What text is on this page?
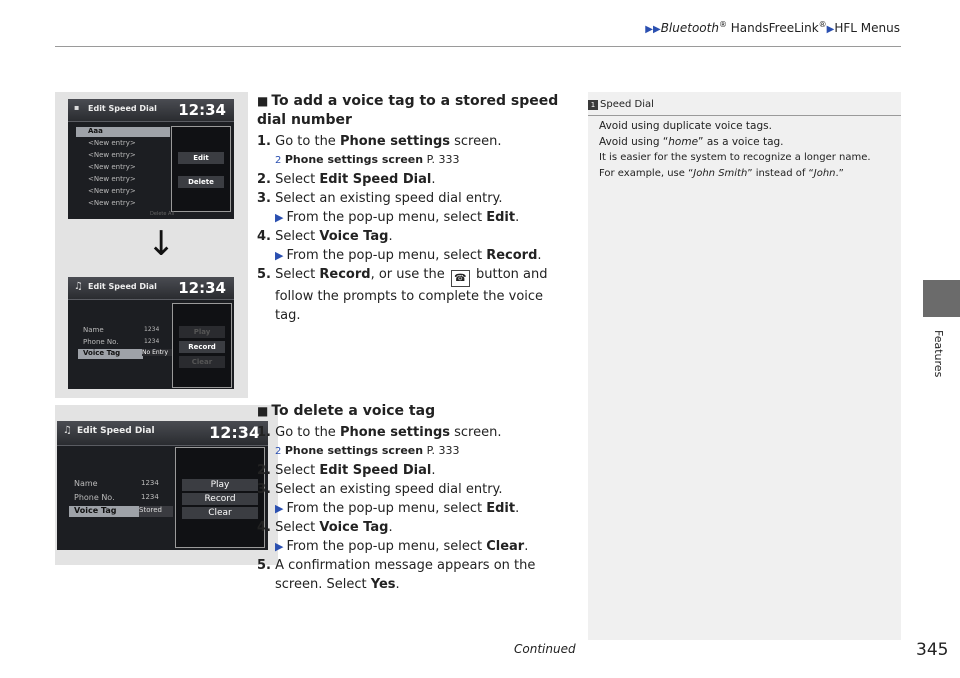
▶▶Bluetooth® HandsFreeLink®▶HFL Menus
Features
▪ Edit Speed Dial 12:34
Aaa
<New entry>
<New entry>
<New entry>
<New entry>
<New entry>
<New entry>
Edit
Delete
Delete All
↓
♫ Edit Speed Dial 12:34
Name	1234
Phone No.	1234
Voice Tag	No Entry
Play
Record
Clear
♫ Edit Speed Dial	12:34
Name	1234
Phone No.	1234
Voice Tag	Stored
Play
Record
Clear
■ To add a voice tag to a stored speed dial number
1. Go to the Phone settings screen.
2 Phone settings screen P. 333
2. Select Edit Speed Dial.
3. Select an existing speed dial entry.
▶ From the pop-up menu, select Edit.
4. Select Voice Tag.
▶ From the pop-up menu, select Record.
5. Select Record, or use the ☎ button and follow the prompts to complete the voice tag.
■ To delete a voice tag
1. Go to the Phone settings screen.
2 Phone settings screen P. 333
2. Select Edit Speed Dial.
3. Select an existing speed dial entry.
▶ From the pop-up menu, select Edit.
4. Select Voice Tag.
▶ From the pop-up menu, select Clear.
5. A confirmation message appears on the screen. Select Yes.
1 Speed Dial
Avoid using duplicate voice tags.
Avoid using “home” as a voice tag.
It is easier for the system to recognize a longer name.
For example, use “John Smith” instead of “John.”
Continued	345
